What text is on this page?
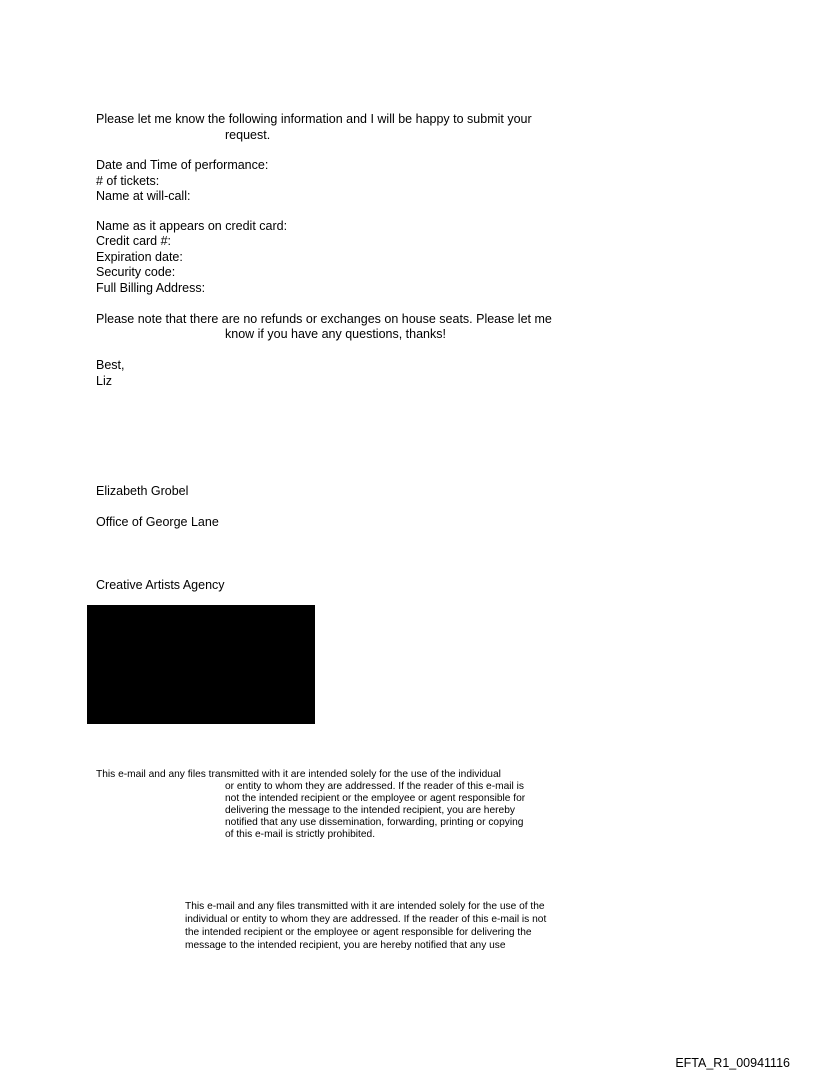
Please let me know the following information and I will be happy to submit your
request.
Date and Time of performance:
# of tickets:
Name at will-call:
Name as it appears on credit card:
Credit card #:
Expiration date:
Security code:
Full Billing Address:
Please note that there are no refunds or exchanges on house seats. Please let me
know if you have any questions, thanks!
Best,
Liz
Elizabeth Grobel
Office of George Lane
Creative Artists Agency
This e-mail and any files transmitted with it are intended solely for the use of the individual
or entity to whom they are addressed. If the reader of this e-mail is
not the intended recipient or the employee or agent responsible for
delivering the message to the intended recipient, you are hereby
notified that any use dissemination, forwarding, printing or copying
of this e-mail is strictly prohibited.
This e-mail and any files transmitted with it are intended solely for the use of the
individual or entity to whom they are addressed. If the reader of this e-mail is not
the intended recipient or the employee or agent responsible for delivering the
message to the intended recipient, you are hereby notified that any use
EFTA_R1_00941116
